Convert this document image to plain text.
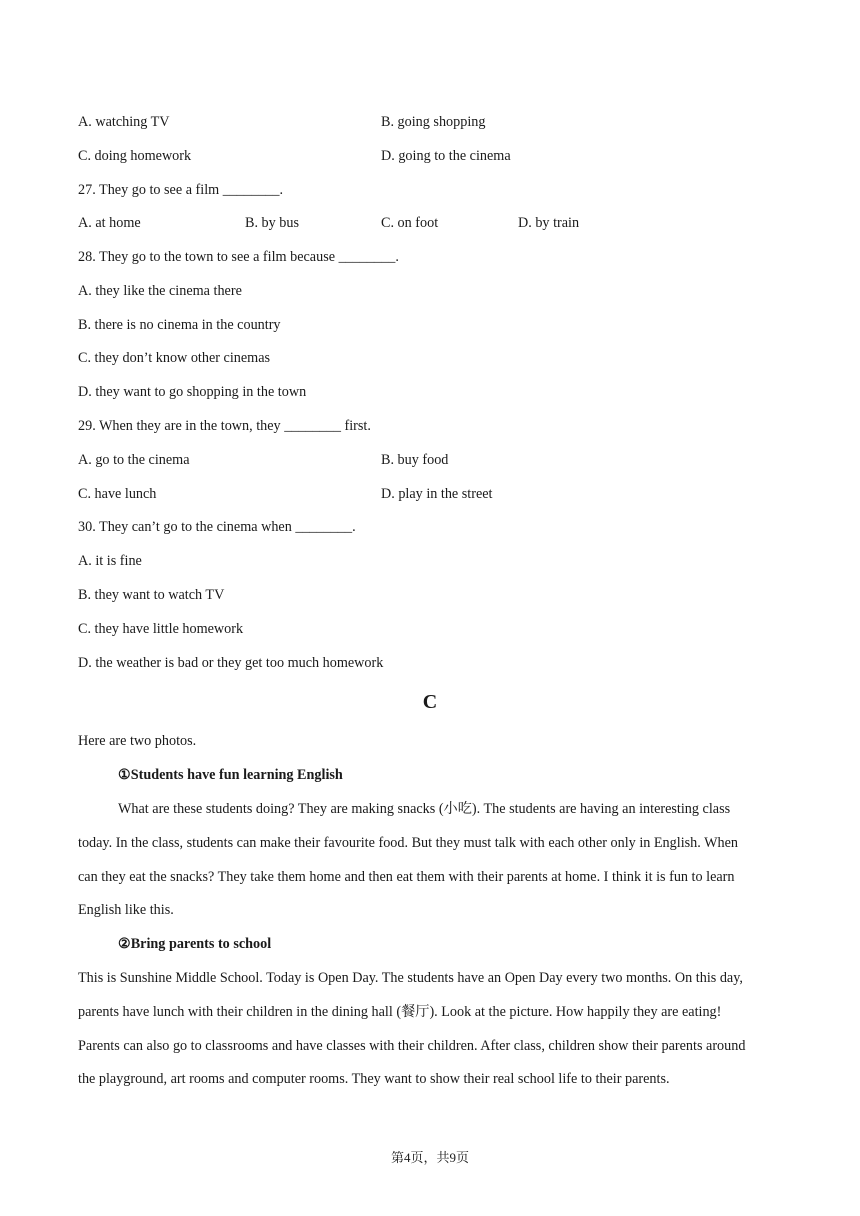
A. watching TV	B. going shopping
C. doing homework	D. going to the cinema
27. They go to see a film ________.
A. at home	B. by bus	C. on foot	D. by train
28. They go to the town to see a film because ________.
A. they like the cinema there
B. there is no cinema in the country
C. they don’t know other cinemas
D. they want to go shopping in the town
29. When they are in the town, they ________ first.
A. go to the cinema	B. buy food
C. have lunch	D. play in the street
30. They can’t go to the cinema when ________.
A. it is fine
B. they want to watch TV
C. they have little homework
D. the weather is bad or they get too much homework
C
Here are two photos.
①Students have fun learning English
What are these students doing? They are making snacks (小吃). The students are having an interesting class
today. In the class, students can make their favourite food. But they must talk with each other only in English. When
can they eat the snacks? They take them home and then eat them with their parents at home. I think it is fun to learn
English like this.
②Bring parents to school
This is Sunshine Middle School. Today is Open Day. The students have an Open Day every two months. On this day,
parents have lunch with their children in the dining hall (餐厅). Look at the picture. How happily they are eating!
Parents can also go to classrooms and have classes with their children. After class, children show their parents around
the playground, art rooms and computer rooms. They want to show their real school life to their parents.
第4页，共9页
